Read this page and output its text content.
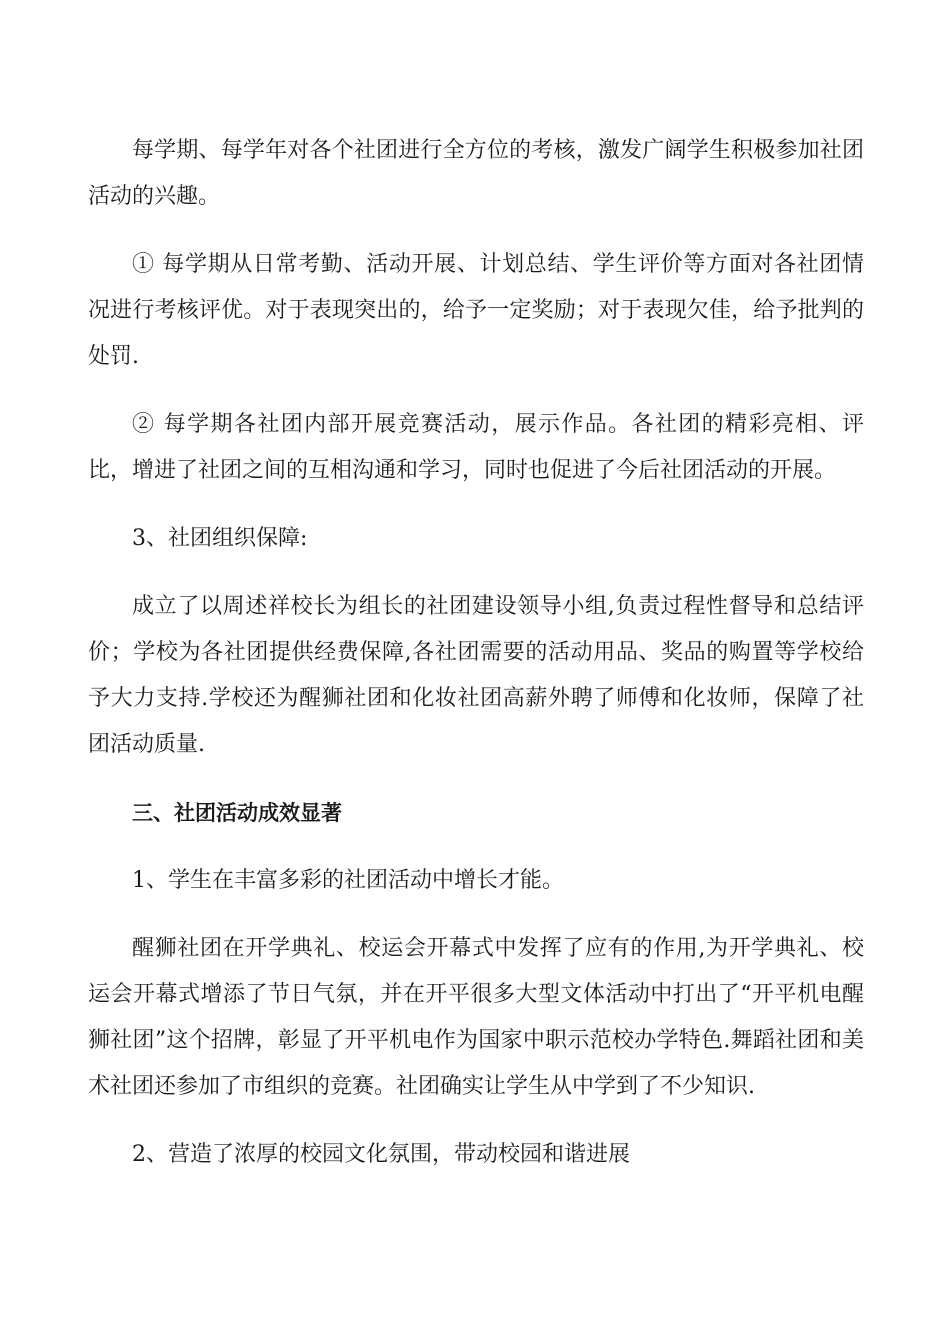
每学期、每学年对各个社团进行全方位的考核，激发广阔学生积极参加社团活动的兴趣。

① 每学期从日常考勤、活动开展、计划总结、学生评价等方面对各社团情况进行考核评优。对于表现突出的，给予一定奖励；对于表现欠佳，给予批判的处罚.

② 每学期各社团内部开展竞赛活动，展示作品。各社团的精彩亮相、评比，增进了社团之间的互相沟通和学习，同时也促进了今后社团活动的开展。

3、社团组织保障:

成立了以周述祥校长为组长的社团建设领导小组,负责过程性督导和总结评价；学校为各社团提供经费保障,各社团需要的活动用品、奖品的购置等学校给予大力支持.学校还为醒狮社团和化妆社团高薪外聘了师傅和化妆师，保障了社团活动质量.

三、社团活动成效显著

1、学生在丰富多彩的社团活动中增长才能。

醒狮社团在开学典礼、校运会开幕式中发挥了应有的作用,为开学典礼、校运会开幕式增添了节日气氛，并在开平很多大型文体活动中打出了“开平机电醒狮社团”这个招牌，彰显了开平机电作为国家中职示范校办学特色.舞蹈社团和美术社团还参加了市组织的竞赛。社团确实让学生从中学到了不少知识.

2、营造了浓厚的校园文化氛围，带动校园和谐进展
